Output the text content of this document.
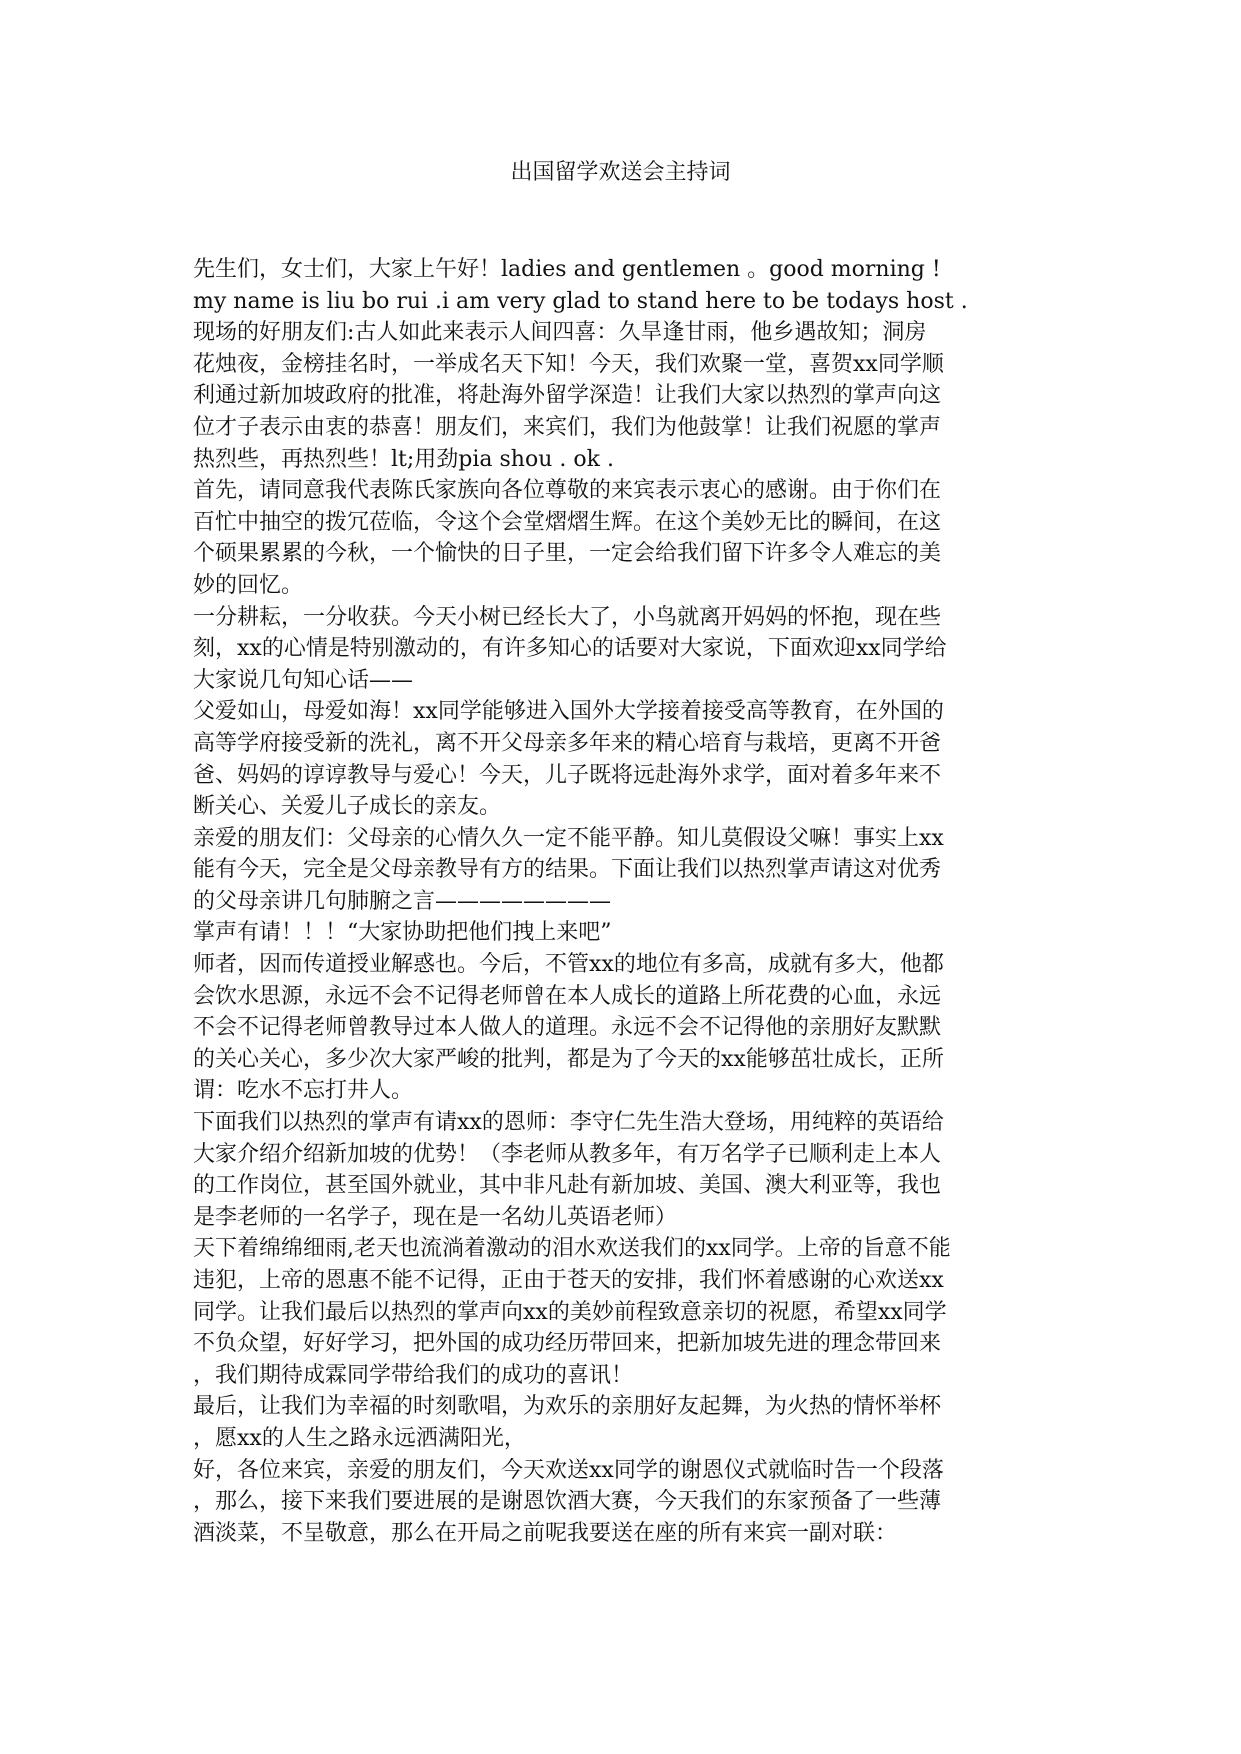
出国留学欢送会主持词

先生们，女士们，大家上午好！ladies and gentlemen 。good morning !

my name is liu bo rui .i am very glad to stand here to be todays host .

现场的好朋友们:古人如此来表示人间四喜：久旱逢甘雨，他乡遇故知；洞房

花烛夜，金榜挂名时，一举成名天下知！今天，我们欢聚一堂，喜贺xx同学顺

利通过新加坡政府的批准，将赴海外留学深造！让我们大家以热烈的掌声向这

位才子表示由衷的恭喜！朋友们，来宾们，我们为他鼓掌！让我们祝愿的掌声

热烈些，再热烈些！lt;用劲pia shou . ok .

首先，请同意我代表陈氏家族向各位尊敬的来宾表示衷心的感谢。由于你们在

百忙中抽空的拨冗莅临，令这个会堂熠熠生辉。在这个美妙无比的瞬间，在这

个硕果累累的今秋，一个愉快的日子里，一定会给我们留下许多令人难忘的美

妙的回忆。

一分耕耘，一分收获。今天小树已经长大了，小鸟就离开妈妈的怀抱，现在些

刻，xx的心情是特别激动的，有许多知心的话要对大家说，下面欢迎xx同学给

大家说几句知心话——

父爱如山，母爱如海！xx同学能够进入国外大学接着接受高等教育，在外国的

高等学府接受新的洗礼，离不开父母亲多年来的精心培育与栽培，更离不开爸

爸、妈妈的谆谆教导与爱心！今天，儿子既将远赴海外求学，面对着多年来不

断关心、关爱儿子成长的亲友。

亲爱的朋友们：父母亲的心情久久一定不能平静。知儿莫假设父嘛！事实上xx

能有今天，完全是父母亲教导有方的结果。下面让我们以热烈掌声请这对优秀

的父母亲讲几句肺腑之言————————

掌声有请！！！“大家协助把他们拽上来吧”

师者，因而传道授业解惑也。今后，不管xx的地位有多高，成就有多大，他都

会饮水思源，永远不会不记得老师曾在本人成长的道路上所花费的心血，永远

不会不记得老师曾教导过本人做人的道理。永远不会不记得他的亲朋好友默默

的关心关心，多少次大家严峻的批判，都是为了今天的xx能够茁壮成长，正所

谓：吃水不忘打井人。

下面我们以热烈的掌声有请xx的恩师：李守仁先生浩大登场，用纯粹的英语给

大家介绍介绍新加坡的优势！（李老师从教多年，有万名学子已顺利走上本人

的工作岗位，甚至国外就业，其中非凡赴有新加坡、美国、澳大利亚等，我也

是李老师的一名学子，现在是一名幼儿英语老师）

天下着绵绵细雨,老天也流淌着激动的泪水欢送我们的xx同学。上帝的旨意不能

违犯，上帝的恩惠不能不记得，正由于苍天的安排，我们怀着感谢的心欢送xx

同学。让我们最后以热烈的掌声向xx的美妙前程致意亲切的祝愿，希望xx同学

不负众望，好好学习，把外国的成功经历带回来，把新加坡先进的理念带回来

，我们期待成霖同学带给我们的成功的喜讯！

最后，让我们为幸福的时刻歌唱，为欢乐的亲朋好友起舞，为火热的情怀举杯

，愿xx的人生之路永远洒满阳光，

好，各位来宾，亲爱的朋友们，今天欢送xx同学的谢恩仪式就临时告一个段落

，那么，接下来我们要进展的是谢恩饮酒大赛，今天我们的东家预备了一些薄

酒淡菜，不呈敬意，那么在开局之前呢我要送在座的所有来宾一副对联：
